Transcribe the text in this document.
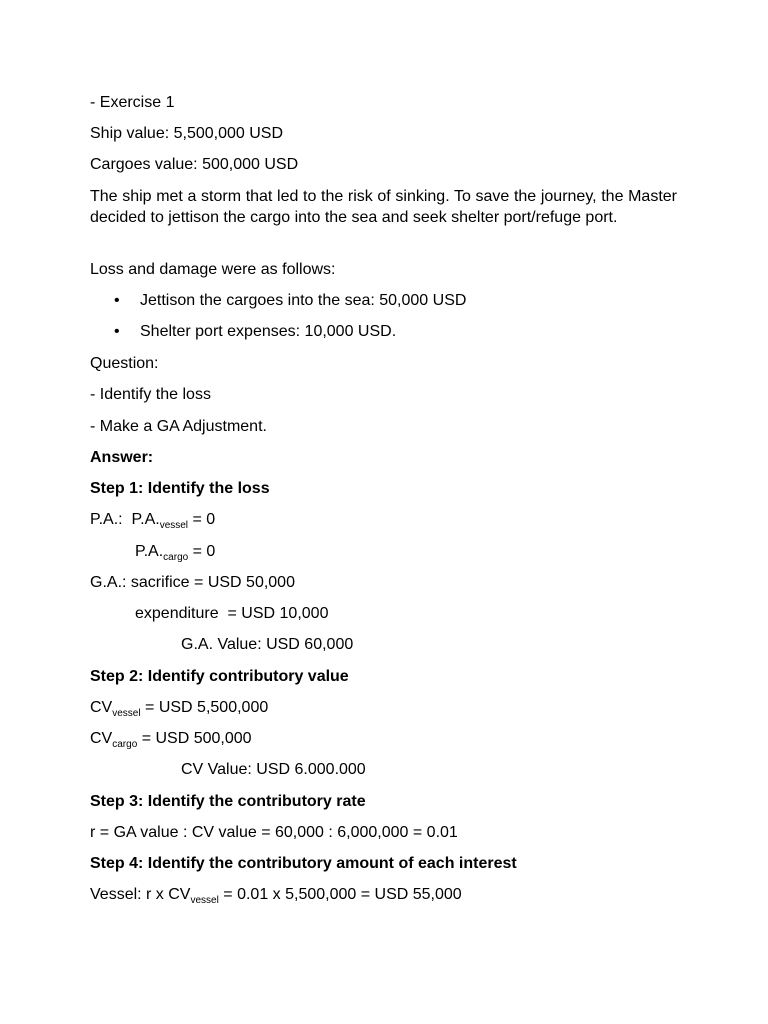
- Exercise 1
Ship value: 5,500,000 USD
Cargoes value: 500,000 USD
The ship met a storm that led to the risk of sinking. To save the journey, the Master decided to jettison the cargo into the sea and seek shelter port/refuge port.
Loss and damage were as follows:
• Jettison the cargoes into the sea: 50,000 USD
• Shelter port expenses: 10,000 USD.
Question:
- Identify the loss
- Make a GA Adjustment.
Answer:
Step 1: Identify the loss
P.A.:  $P.A._{vessel} = 0$
$P.A._{cargo} = 0$
G.A.: sacrifice = USD 50,000
expenditure  = USD 10,000
G.A. Value: USD 60,000
Step 2: Identify contributory value
$CV_{vessel}$ = USD 5,500,000
$CV_{cargo}$ = USD 500,000
CV Value: USD 6.000.000
Step 3: Identify the contributory rate
r = GA value : CV value = 60,000 : 6,000,000 = 0.01
Step 4: Identify the contributory amount of each interest
Vessel: r x $CV_{vessel} = 0.01$ x 5,500,000 = USD 55,000
